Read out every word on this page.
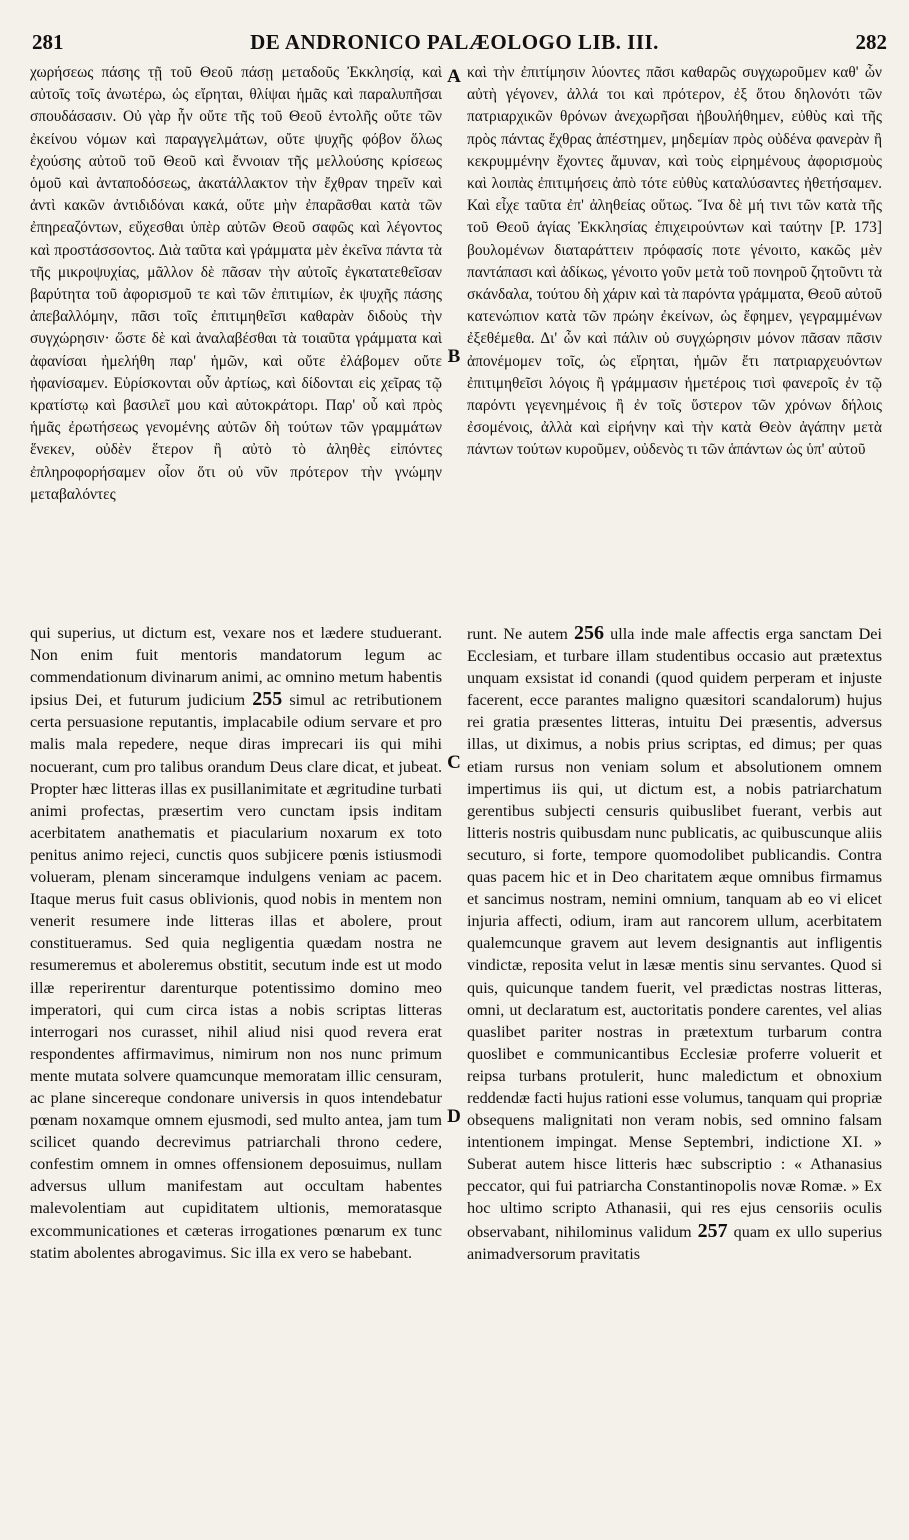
281	DE ANDRONICO PALÆOLOGO LIB. III.	282

χωρήσεως πάσης τῇ τοῦ Θεοῦ πάσῃ μεταδοῦς Ἐκκλησίᾳ, καὶ αὐτοῖς τοῖς ἀνωτέρω, ὡς εἴρηται, θλίψαι ἡμᾶς καὶ παραλυπῆσαι σπουδάσασιν. Οὐ γὰρ ἦν οὔτε τῆς τοῦ Θεοῦ ἐντολῆς οὔτε τῶν ἐκείνου νόμων καὶ παραγγελμάτων, οὔτε ψυχῆς φόβον ὅλως ἐχούσης αὐτοῦ τοῦ Θεοῦ καὶ ἔννοιαν τῆς μελλούσης κρίσεως ὁμοῦ καὶ ἀνταποδόσεως, ἀκατάλλακτον τὴν ἔχθραν τηρεῖν καὶ ἀντὶ κακῶν ἀντιδιδόναι κακά, οὔτε μὴν ἐπαρᾶσθαι κατὰ τῶν ἐπηρεαζόντων, εὔχεσθαι ὑπὲρ αὐτῶν Θεοῦ σαφῶς καὶ λέγοντος καὶ προστάσσοντος. Διὰ ταῦτα καὶ γράμματα μὲν ἐκεῖνα πάντα τὰ τῆς μικροψυχίας, μᾶλλον δὲ πᾶσαν τὴν αὐτοῖς ἐγκατατεθεῖσαν βαρύτητα τοῦ ἀφορισμοῦ τε καὶ τῶν ἐπιτιμίων, ἐκ ψυχῆς πάσης ἀπεβαλλόμην, πᾶσι τοῖς ἐπιτιμηθεῖσι καθαρὰν διδοὺς τὴν συγχώρησιν· ὥστε δὲ καὶ ἀναλαβέσθαι τὰ τοιαῦτα γράμματα καὶ ἀφανίσαι ἠμελήθη παρ' ἡμῶν, καὶ οὔτε ἐλάβομεν οὔτε ἠφανίσαμεν. Εὑρίσκονται οὖν ἀρτίως, καὶ δίδονται εἰς χεῖρας τῷ κρατίστῳ καὶ βασιλεῖ μου καὶ αὐτοκράτορι. Παρ' οὗ καὶ πρὸς ἡμᾶς ἐρωτήσεως γενομένης αὐτῶν δὴ τούτων τῶν γραμμάτων ἕνεκεν, οὐδὲν ἕτερον ἢ αὐτὸ τὸ ἀληθὲς εἰπόντες ἐπληροφορήσαμεν οἷον ὅτι οὐ νῦν πρότερον τὴν γνώμην μεταβαλόντες

καὶ τὴν ἐπιτίμησιν λύοντες πᾶσι καθαρῶς συγχωροῦμεν καθ' ὧν αὐτὴ γέγονεν, ἀλλά τοι καὶ πρότερον, ἐξ ὅτου δηλονότι τῶν πατριαρχικῶν θρόνων ἀνεχωρῆσαι ἠβουλήθημεν, εὐθὺς καὶ τῆς πρὸς πάντας ἔχθρας ἀπέστημεν, μηδεμίαν πρὸς οὐδένα φανερὰν ἢ κεκρυμμένην ἔχοντες ἄμυναν, καὶ τοὺς εἰρημένους ἀφορισμοὺς καὶ λοιπὰς ἐπιτιμήσεις ἀπὸ τότε εὐθὺς καταλύσαντες ἠθετήσαμεν. Καὶ εἶχε ταῦτα ἐπ' ἀληθείας οὕτως. Ἵνα δὲ μή τινι τῶν κατὰ τῆς τοῦ Θεοῦ ἁγίας Ἐκκλησίας ἐπιχειρούντων καὶ ταύτην [P. 173] βουλομένων διαταράττειν πρόφασίς ποτε γένοιτο, κακῶς μὲν παντάπασι καὶ ἀδίκως, γένοιτο γοῦν μετὰ τοῦ πονηροῦ ζητοῦντι τὰ σκάνδαλα, τούτου δὴ χάριν καὶ τὰ παρόντα γράμματα, Θεοῦ αὐτοῦ κατενώπιον κατὰ τῶν πρώην ἐκείνων, ὡς ἔφημεν, γεγραμμένων ἐξεθέμεθα. Δι' ὧν καὶ πάλιν οὐ συγχώρησιν μόνον πᾶσαν πᾶσιν ἀπονέμομεν τοῖς, ὡς εἴρηται, ἡμῶν ἔτι πατριαρχευόντων ἐπιτιμηθεῖσι λόγοις ἢ γράμμασιν ἡμετέροις τισὶ φανεροῖς ἐν τῷ παρόντι γεγενημένοις ἢ ἐν τοῖς ὕστερον τῶν χρόνων δήλοις ἐσομένοις, ἀλλὰ καὶ εἰρήνην καὶ τὴν κατὰ Θεὸν ἀγάπην μετὰ πάντων τούτων κυροῦμεν, οὐδενὸς τι τῶν ἁπάντων ὡς ὑπ' αὐτοῦ

A
B
C
D

qui superius, ut dictum est, vexare nos et lædere studuerant. Non enim fuit mentoris mandatorum legum ac commendationum divinarum animi, ac omnino metum habentis ipsius Dei, et futurum judicium 255 simul ac retributionem certa persuasione reputantis, implacabile odium servare et pro malis mala repedere, neque diras imprecari iis qui mihi nocuerant, cum pro talibus orandum Deus clare dicat, et jubeat. Propter hæc litteras illas ex pusillanimitate et ægritudine turbati animi profectas, præsertim vero cunctam ipsis inditam acerbitatem anathematis et piacularium noxarum ex toto penitus animo rejeci, cunctis quos subjicere pœnis istiusmodi volueram, plenam sinceramque indulgens veniam ac pacem. Itaque merus fuit casus oblivionis, quod nobis in mentem non venerit resumere inde litteras illas et abolere, prout constitueramus. Sed quia negligentia quædam nostra ne resumeremus et aboleremus obstitit, secutum inde est ut modo illæ reperirentur darenturque potentissimo domino meo imperatori, qui cum circa istas a nobis scriptas litteras interrogari nos curasset, nihil aliud nisi quod revera erat respondentes affirmavimus, nimirum non nos nunc primum mente mutata solvere quamcunque memoratam illic censuram, ac plane sincereque condonare universis in quos intendebatur pœnam noxamque omnem ejusmodi, sed multo antea, jam tum scilicet quando decrevimus patriarchali throno cedere, confestim omnem in omnes offensionem deposuimus, nullam adversus ullum manifestam aut occultam habentes malevolentiam aut cupiditatem ultionis, memoratasque excommunicationes et cæteras irrogationes pœnarum ex tunc statim abolentes abrogavimus. Sic illa ex vero se habebant.

runt. Ne autem 256 ulla inde male affectis erga sanctam Dei Ecclesiam, et turbare illam studentibus occasio aut prætextus unquam exsistat id conandi (quod quidem perperam et injuste facerent, ecce parantes maligno quæsitori scandalorum) hujus rei gratia præsentes litteras, intuitu Dei præsentis, adversus illas, ut diximus, a nobis prius scriptas, ed dimus; per quas etiam rursus non veniam solum et absolutionem omnem impertimus iis qui, ut dictum est, a nobis patriarchatum gerentibus subjecti censuris quibuslibet fuerant, verbis aut litteris nostris quibusdam nunc publicatis, ac quibuscunque aliis secuturo, si forte, tempore quomodolibet publicandis. Contra quas pacem hic et in Deo charitatem æque omnibus firmamus et sancimus nostram, nemini omnium, tanquam ab eo vi elicet injuria affecti, odium, iram aut rancorem ullum, acerbitatem qualemcunque gravem aut levem designantis aut infligentis vindictæ, reposita velut in læsæ mentis sinu servantes. Quod si quis, quicunque tandem fuerit, vel prædictas nostras litteras, omni, ut declaratum est, auctoritatis pondere carentes, vel alias quaslibet pariter nostras in prætextum turbarum contra quoslibet e communicantibus Ecclesiæ proferre voluerit et reipsa turbans protulerit, hunc maledictum et obnoxium reddendæ facti hujus rationi esse volumus, tanquam qui propriæ obsequens malignitati non veram nobis, sed omnino falsam intentionem impingat. Mense Septembri, indictione XI. » Suberat autem hisce litteris hæc subscriptio : « Athanasius peccator, qui fui patriarcha Constantinopolis novæ Romæ. » Ex hoc ultimo scripto Athanasii, qui res ejus censoriis oculis observabant, nihilominus validum 257 quam ex ullo superius animadversorum pravitatis
